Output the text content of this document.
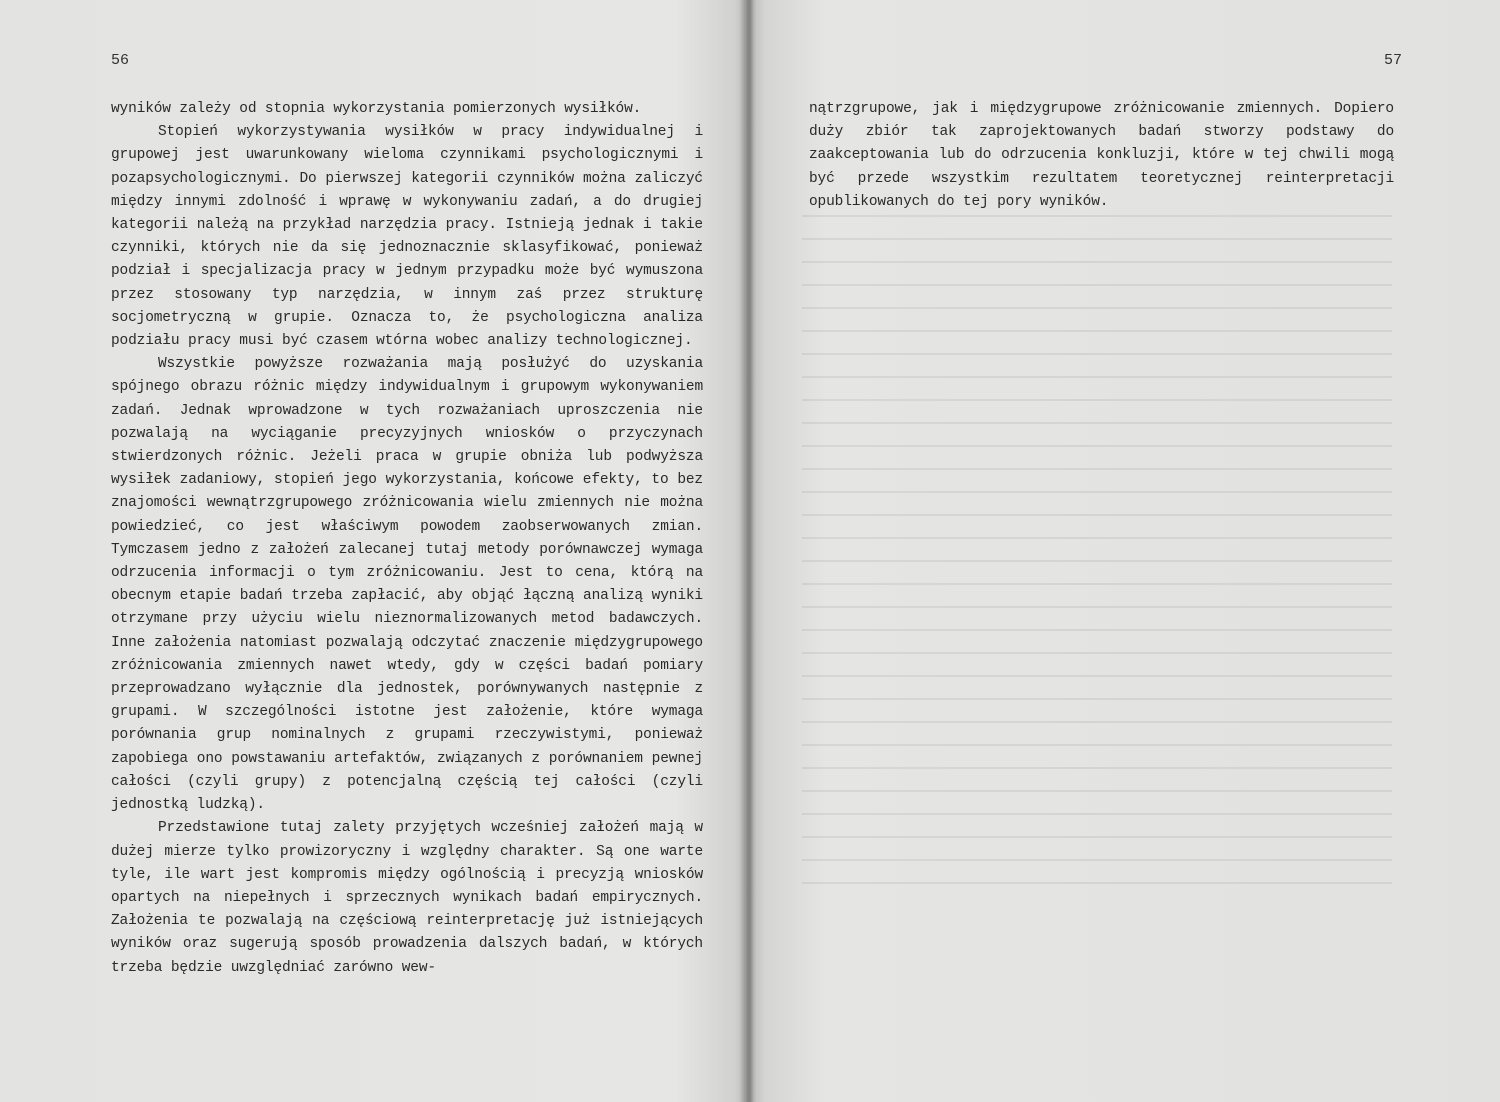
56

wyników zależy od stopnia wykorzystania pomierzonych wysiłków.

Stopień wykorzystywania wysiłków w pracy indywidualnej i grupowej jest uwarunkowany wieloma czynnikami psychologicznymi i pozapsychologicznymi. Do pierwszej kategorii czynników można zaliczyć między innymi zdolność i wprawę w wykonywaniu zadań, a do drugiej kategorii należą na przykład narzędzia pracy. Istnieją jednak i takie czynniki, których nie da się jednoznacznie sklasyfikować, ponieważ podział i specjalizacja pracy w jednym przypadku może być wymuszona przez stosowany typ narzędzia, w innym zaś przez strukturę socjometryczną w grupie. Oznacza to, że psychologiczna analiza podziału pracy musi być czasem wtórna wobec analizy technologicznej.

Wszystkie powyższe rozważania mają posłużyć do uzyskania spójnego obrazu różnic między indywidualnym i grupowym wykonywaniem zadań. Jednak wprowadzone w tych rozważaniach uproszczenia nie pozwalają na wyciąganie precyzyjnych wniosków o przyczynach stwierdzonych różnic. Jeżeli praca w grupie obniża lub podwyższa wysiłek zadaniowy, stopień jego wykorzystania, końcowe efekty, to bez znajomości wewnątrzgrupowego zróżnicowania wielu zmiennych nie można powiedzieć, co jest właściwym powodem zaobserwowanych zmian. Tymczasem jedno z założeń zalecanej tutaj metody porównawczej wymaga odrzucenia informacji o tym zróżnicowaniu. Jest to cena, którą na obecnym etapie badań trzeba zapłacić, aby objąć łączną analizą wyniki otrzymane przy użyciu wielu nieznormalizowanych metod badawczych. Inne założenia natomiast pozwalają odczytać znaczenie międzygrupowego zróżnicowania zmiennych nawet wtedy, gdy w części badań pomiary przeprowadzano wyłącznie dla jednostek, porównywanych następnie z grupami. W szczególności istotne jest założenie, które wymaga porównania grup nominalnych z grupami rzeczywistymi, ponieważ zapobiega ono powstawaniu artefaktów, związanych z porównaniem pewnej całości (czyli grupy) z potencjalną częścią tej całości (czyli jednostką ludzką).

Przedstawione tutaj zalety przyjętych wcześniej założeń mają w dużej mierze tylko prowizoryczny i względny charakter. Są one warte tyle, ile wart jest kompromis między ogólnością i precyzją wniosków opartych na niepełnych i sprzecznych wynikach badań empirycznych. Założenia te pozwalają na częściową reinterpretację już istniejących wyników oraz sugerują sposób prowadzenia dalszych badań, w których trzeba będzie uwzględniać zarówno wew-

57

nątrzgrupowe, jak i międzygrupowe zróżnicowanie zmiennych. Dopiero duży zbiór tak zaprojektowanych badań stworzy podstawy do zaakceptowania lub do odrzucenia konkluzji, które w tej chwili mogą być przede wszystkim rezultatem teoretycznej reinterpretacji opublikowanych do tej pory wyników.
